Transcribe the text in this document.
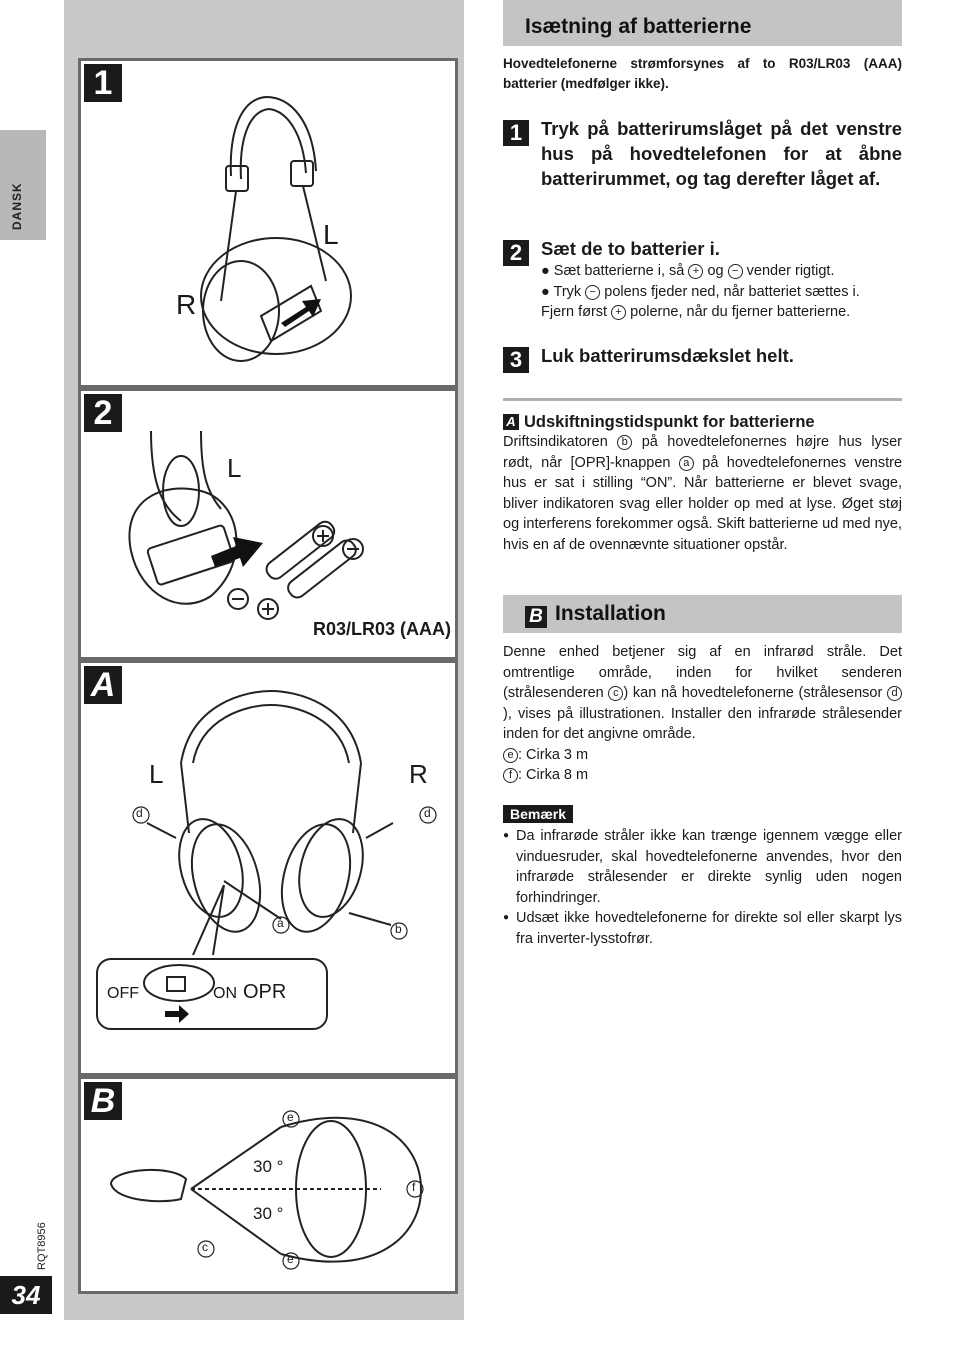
DANSK
RQT8956
34
1
R
L
2
L
R03/LR03 (AAA)
A
L	R
d	d
a	b
OFF	ON OPR
B
30 °
30 °
e
f
c
e
Isætning af batterierne
Hovedtelefonerne strømforsynes af to R03/LR03 (AAA) batterier (medfølger ikke).
1	Tryk på batterirumslåget på det venstre hus på hovedtelefonen for at åbne batterirummet, og tag derefter låget af.
2	Sæt de to batterier i.
● Sæt batterierne i, så + og − vender rigtigt.
● Tryk − polens fjeder ned, når batteriet sættes i.
Fjern først + polerne, når du fjerner batterierne.
3	Luk batterirumsdækslet helt.
A Udskiftningstidspunkt for batterierne
Driftsindikatoren b på hovedtelefonernes højre hus lyser rødt, når [OPR]-knappen a på hovedtelefonernes venstre hus er sat i stilling “ON”. Når batterierne er blevet svage, bliver indikatoren svag eller holder op med at lyse. Øget støj og interferens forekommer også. Skift batterierne ud med nye, hvis en af de ovennævnte situationer opstår.
B Installation
Denne enhed betjener sig af en infrarød stråle. Det omtrentlige område, inden for hvilket senderen (strålesenderen c ) kan nå hovedtelefonerne (strålesensor d), vises på illustrationen. Installer den infrarøde strålesender inden for det angivne område.
e : Cirka 3 m
f : Cirka 8 m
Bemærk
● Da infrarøde stråler ikke kan trænge igennem vægge eller vinduesruder, skal hovedtelefonerne anvendes, hvor den infrarøde strålesender er direkte synlig uden nogen forhindringer.
● Udsæt ikke hovedtelefonerne for direkte sol eller skarpt lys fra inverter-lysstofrør.
